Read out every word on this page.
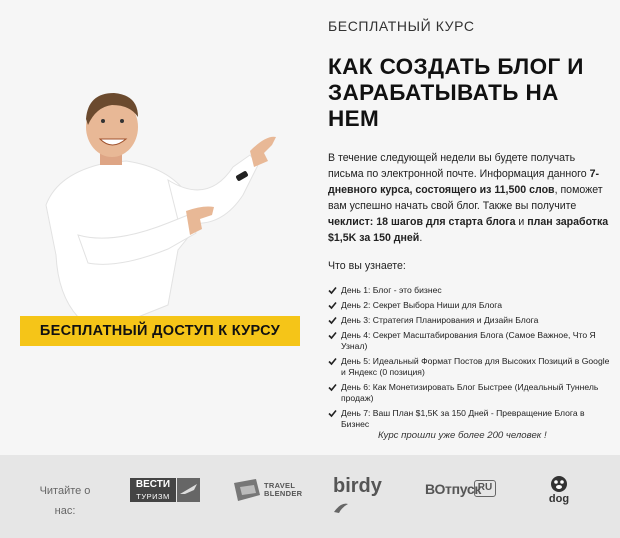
БЕСПЛАТНЫЙ ДОСТУП К КУРСУ
БЕСПЛАТНЫЙ КУРС
КАК СОЗДАТЬ БЛОГ И ЗАРАБАТЫВАТЬ НА НЕМ

В течение следующей недели вы будете получать письма по электронной почте. Информация данного 7-дневного курса, состоящего из 11,500 слов, поможет вам успешно начать свой блог. Также вы получите чеклист: 18 шагов для старта блога и план заработка $1,5K за 150 дней.

Что вы узнаете:
День 1: Блог - это бизнес
День 2: Секрет Выбора Ниши для Блога
День 3: Стратегия Планирования и Дизайн Блога
День 4: Секрет Масштабирования Блога (Самое Важное, Что Я Узнал)
День 5: Идеальный Формат Постов для Высоких Позиций в Google и Яндекс (0 позиция)
День 6: Как Монетизировать Блог Быстрее (Идеальный Туннель продаж)
День 7: Ваш План $1,5K за 150 Дней - Превращение Блога в Бизнес
Курс прошли уже более 200 человек !
Читайте о нас:
ВЕСТИ
ТУРИЗМ
TRAVEL
BLENDER birdy	ВОтпуск
RU
dog
